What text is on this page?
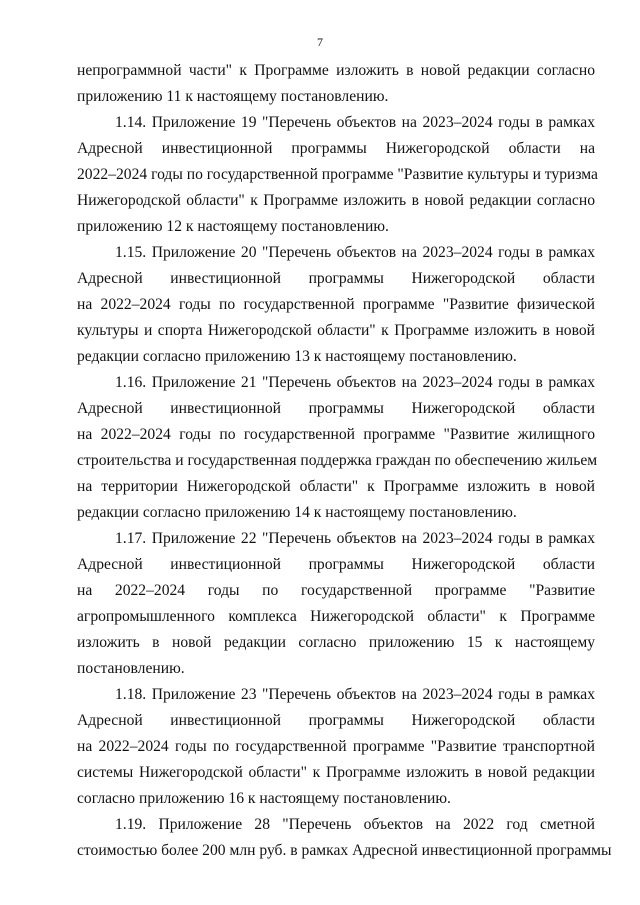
7
непрограммной части" к Программе изложить в новой редакции согласно
приложению 11 к настоящему постановлению.
1.14. Приложение 19 "Перечень объектов на 2023–2024 годы в рамках
Адресной инвестиционной программы Нижегородской области на
2022–2024 годы по государственной программе "Развитие культуры и туризма
Нижегородской области" к Программе изложить в новой редакции согласно
приложению 12 к настоящему постановлению.
1.15. Приложение 20 "Перечень объектов на 2023–2024 годы в рамках
Адресной инвестиционной программы Нижегородской области
на 2022–2024 годы по государственной программе "Развитие физической
культуры и спорта Нижегородской области" к Программе изложить в новой
редакции согласно приложению 13 к настоящему постановлению.
1.16. Приложение 21 "Перечень объектов на 2023–2024 годы в рамках
Адресной инвестиционной программы Нижегородской области
на 2022–2024 годы по государственной программе "Развитие жилищного
строительства и государственная поддержка граждан по обеспечению жильем
на территории Нижегородской области" к Программе изложить в новой
редакции согласно приложению 14 к настоящему постановлению.
1.17. Приложение 22 "Перечень объектов на 2023–2024 годы в рамках
Адресной инвестиционной программы Нижегородской области
на 2022–2024 годы по государственной программе "Развитие
агропромышленного комплекса Нижегородской области" к Программе
изложить в новой редакции согласно приложению 15 к настоящему
постановлению.
1.18. Приложение 23 "Перечень объектов на 2023–2024 годы в рамках
Адресной инвестиционной программы Нижегородской области
на 2022–2024 годы по государственной программе "Развитие транспортной
системы Нижегородской области" к Программе изложить в новой редакции
согласно приложению 16 к настоящему постановлению.
1.19. Приложение 28 "Перечень объектов на 2022 год сметной
стоимостью более 200 млн руб. в рамках Адресной инвестиционной программы
